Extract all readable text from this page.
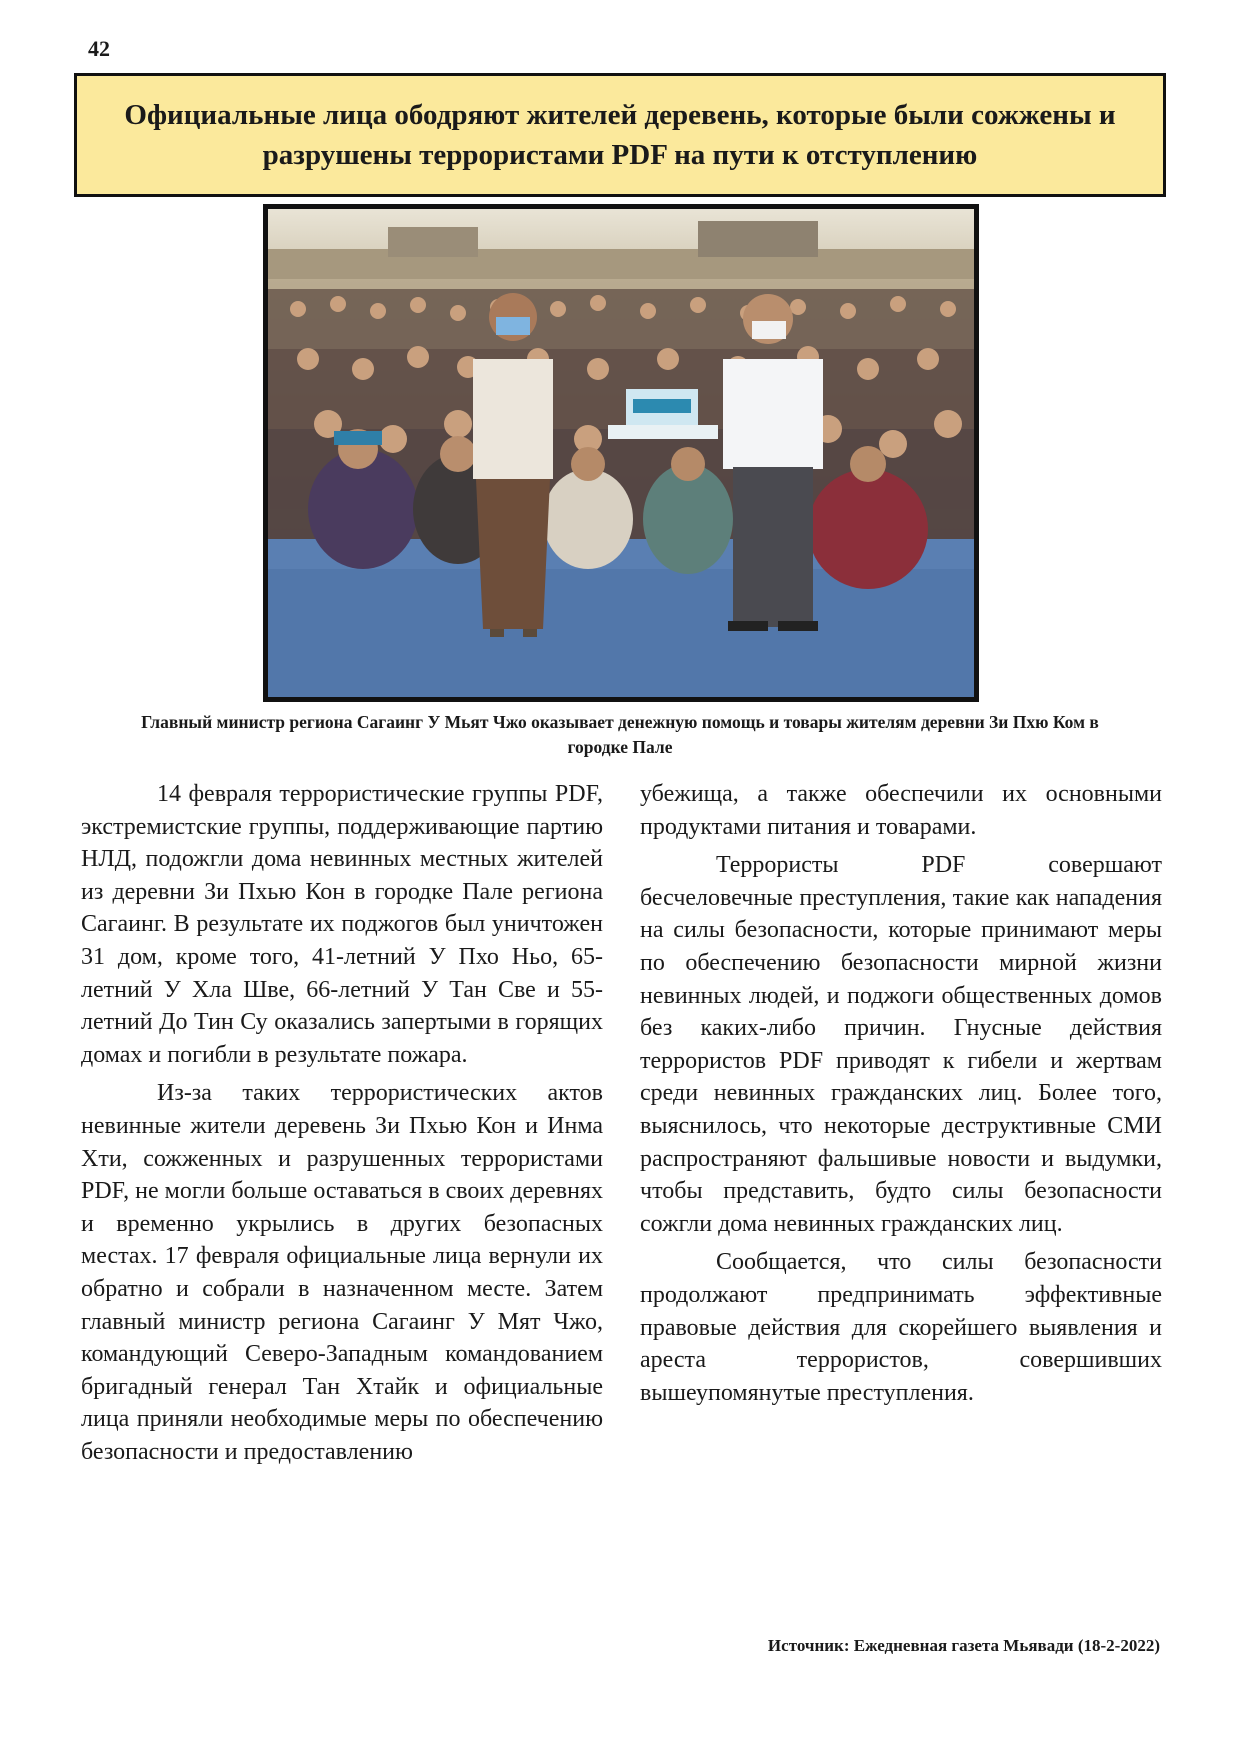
42
Официальные лица ободряют жителей деревень, которые были сожжены и разрушены террористами PDF на пути к отступлению
Главный министр региона Сагаинг У Мьят Чжо оказывает денежную помощь и товары жителям деревни Зи Пхю Ком в городке Пале

14 февраля террористические группы PDF, экстремистские группы, поддерживающие партию НЛД, подожгли дома невинных местных жителей из деревни Зи Пхью Кон в городке Пале региона Сагаинг. В результате их поджогов был уничтожен 31 дом, кроме того, 41-летний У Пхо Ньо, 65-летний У Хла Шве, 66-летний У Тан Све и 55-летний До Тин Су оказались запертыми в горящих домах и погибли в результате пожара.

Из-за таких террористических актов невинные жители деревень Зи Пхью Кон и Инма Хти, сожженных и разрушенных террористами PDF, не могли больше оставаться в своих деревнях и временно укрылись в других безопасных местах. 17 февраля официальные лица вернули их обратно и собрали в назначенном месте. Затем главный министр региона Сагаинг У Мят Чжо, командующий Северо-Западным командованием бригадный генерал Тан Хтайк и официальные лица приняли необходимые меры по обеспечению безопасности и предоставлению

убежища, а также обеспечили их основными продуктами питания и товарами.

Террористы PDF совершают бесчеловечные преступления, такие как нападения на силы безопасности, которые принимают меры по обеспечению безопасности мирной жизни невинных людей, и поджоги общественных домов без каких-либо причин. Гнусные действия террористов PDF приводят к гибели и жертвам среди невинных гражданских лиц. Более того, выяснилось, что некоторые деструктивные СМИ распространяют фальшивые новости и выдумки, чтобы представить, будто силы безопасности сожгли дома невинных гражданских лиц.

Сообщается, что силы безопасности продолжают предпринимать эффективные правовые действия для скорейшего выявления и ареста террористов, совершивших вышеупомянутые преступления.

Источник: Ежедневная газета Мьявади (18-2-2022)
